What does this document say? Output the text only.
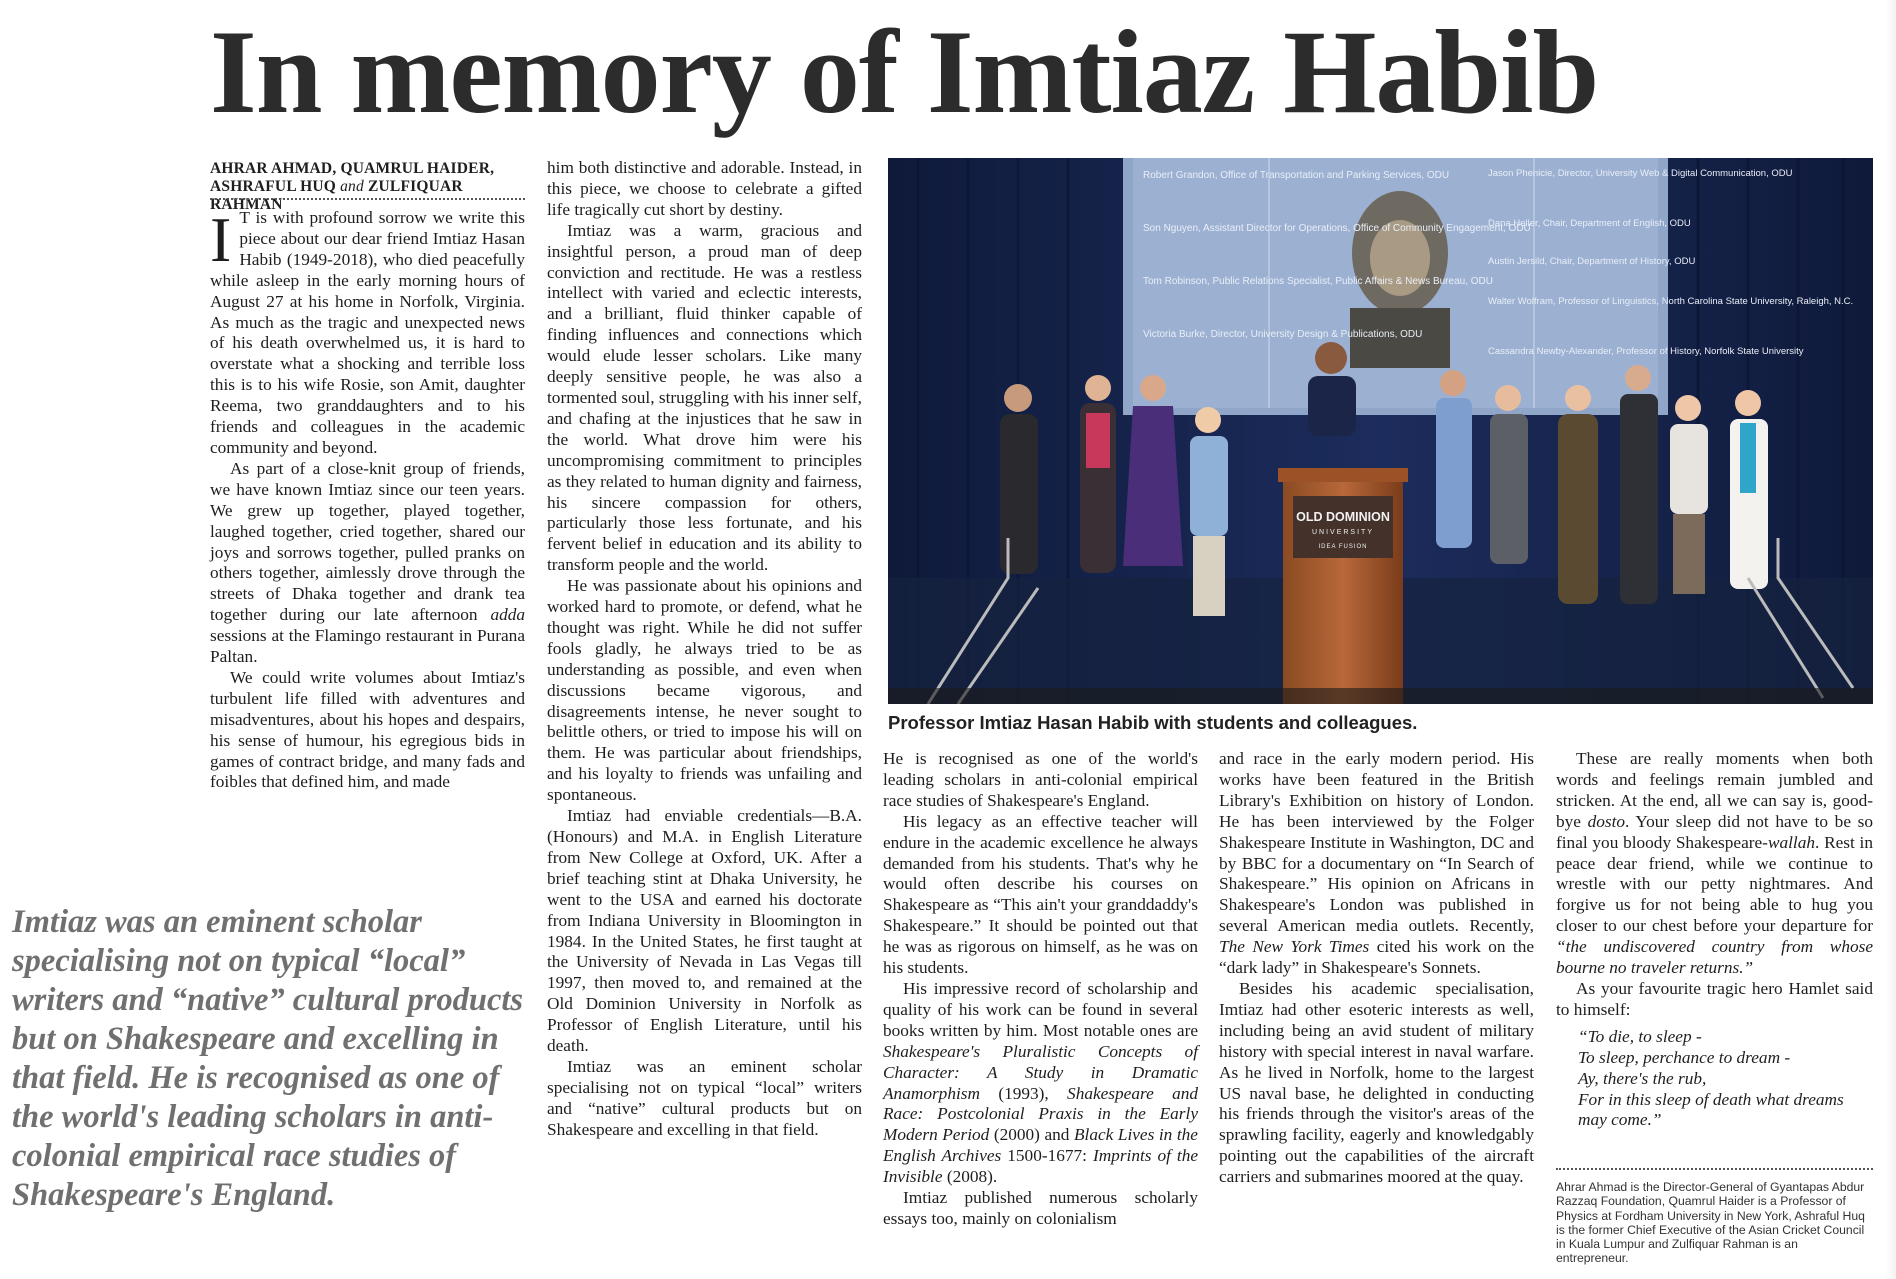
In memory of Imtiaz Habib
AHRAR AHMAD, QUAMRUL HAIDER,
ASHRAFUL HUQ and ZULFIQUAR RAHMAN

I T is with profound sorrow we write this piece about our dear friend Imtiaz Hasan Habib (1949-2018), who died peacefully while asleep in the early morning hours of August 27 at his home in Norfolk, Virginia. As much as the tragic and unexpected news of his death overwhelmed us, it is hard to overstate what a shocking and terrible loss this is to his wife Rosie, son Amit, daughter Reema, two granddaughters and to his friends and colleagues in the academic community and beyond.

As part of a close-knit group of friends, we have known Imtiaz since our teen years. We grew up together, played together, laughed together, cried together, shared our joys and sorrows together, pulled pranks on others together, aimlessly drove through the streets of Dhaka together and drank tea together during our late afternoon adda sessions at the Flamingo restaurant in Purana Paltan.

We could write volumes about Imtiaz's turbulent life filled with adventures and misadventures, about his hopes and despairs, his sense of humour, his egregious bids in games of contract bridge, and many fads and foibles that defined him, and made

Imtiaz was an eminent scholar specialising not on typical “local” writers and “native” cultural products but on Shakespeare and excelling in that field. He is recognised as one of the world's leading scholars in anti-colonial empirical race studies of Shakespeare's England.

him both distinctive and adorable. Instead, in this piece, we choose to celebrate a gifted life tragically cut short by destiny.

Imtiaz was a warm, gracious and insightful person, a proud man of deep conviction and rectitude. He was a restless intellect with varied and eclectic interests, and a brilliant, fluid thinker capable of finding influences and connections which would elude lesser scholars. Like many deeply sensitive people, he was also a tormented soul, struggling with his inner self, and chafing at the injustices that he saw in the world. What drove him were his uncompromising commitment to principles as they related to human dignity and fairness, his sincere compassion for others, particularly those less fortunate, and his fervent belief in education and its ability to transform people and the world.

He was passionate about his opinions and worked hard to promote, or defend, what he thought was right. While he did not suffer fools gladly, he always tried to be as understanding as possible, and even when discussions became vigorous, and disagreements intense, he never sought to belittle others, or tried to impose his will on them. He was particular about friendships, and his loyalty to friends was unfailing and spontaneous.

Imtiaz had enviable credentials—B.A. (Honours) and M.A. in English Literature from New College at Oxford, UK. After a brief teaching stint at Dhaka University, he went to the USA and earned his doctorate from Indiana University in Bloomington in 1984. In the United States, he first taught at the University of Nevada in Las Vegas till 1997, then moved to, and remained at the Old Dominion University in Norfolk as Professor of English Literature, until his death.

Imtiaz was an eminent scholar specialising not on typical “local” writers and “native” cultural products but on Shakespeare and excelling in that field.

Robert Grandon, Office of Transportation and Parking Services, ODU Son Nguyen, Assistant Director for Operations, Office of Community Engagement, ODU Tom Robinson, Public Relations Specialist, Public Affairs & News Bureau, ODU Victoria Burke, Director, University Design & Publications, ODU
Jason Phenicie, Director, University Web & Digital Communication, ODU Dana Heller, Chair, Department of English, ODU Austin Jersild, Chair, Department of History, ODU Walter Wolfram, Professor of Linguistics, North Carolina State University, Raleigh, N.C. Cassandra Newby-Alexander, Professor of History, Norfolk State University
OLD DOMINION
UNIVERSITY
IDEA FUSION
Professor Imtiaz Hasan Habib with students and colleagues.

He is recognised as one of the world's leading scholars in anti-colonial empirical race studies of Shakespeare's England.

His legacy as an effective teacher will endure in the academic excellence he always demanded from his students. That's why he would often describe his courses on Shakespeare as “This ain't your granddaddy's Shakespeare.” It should be pointed out that he was as rigorous on himself, as he was on his students.

His impressive record of scholarship and quality of his work can be found in several books written by him. Most notable ones are Shakespeare's Pluralistic Concepts of Character: A Study in Dramatic Anamorphism (1993), Shakespeare and Race: Postcolonial Praxis in the Early Modern Period (2000) and Black Lives in the English Archives 1500-1677: Imprints of the Invisible (2008).

Imtiaz published numerous scholarly essays too, mainly on colonialism

and race in the early modern period. His works have been featured in the British Library's Exhibition on history of London. He has been interviewed by the Folger Shakespeare Institute in Washington, DC and by BBC for a documentary on “In Search of Shakespeare.” His opinion on Africans in Shakespeare's London was published in several American media outlets. Recently, The New York Times cited his work on the “dark lady” in Shakespeare's Sonnets.

Besides his academic specialisation, Imtiaz had other esoteric interests as well, including being an avid student of military history with special interest in naval warfare. As he lived in Norfolk, home to the largest US naval base, he delighted in conducting his friends through the visitor's areas of the sprawling facility, eagerly and knowledgably pointing out the capabilities of the aircraft carriers and submarines moored at the quay.

These are really moments when both words and feelings remain jumbled and stricken. At the end, all we can say is, good-bye dosto. Your sleep did not have to be so final you bloody Shakespeare-wallah. Rest in peace dear friend, while we continue to wrestle with our petty nightmares. And forgive us for not being able to hug you closer to our chest before your departure for “the undiscovered country from whose bourne no traveler returns.”

As your favourite tragic hero Hamlet said to himself:

“To die, to sleep -
To sleep, perchance to dream -
Ay, there's the rub,
For in this sleep of death what dreams may come.”
Ahrar Ahmad is the Director-General of Gyantapas Abdur Razzaq Foundation, Quamrul Haider is a Professor of Physics at Fordham University in New York, Ashraful Huq is the former Chief Executive of the Asian Cricket Council in Kuala Lumpur and Zulfiquar Rahman is an entrepreneur.
